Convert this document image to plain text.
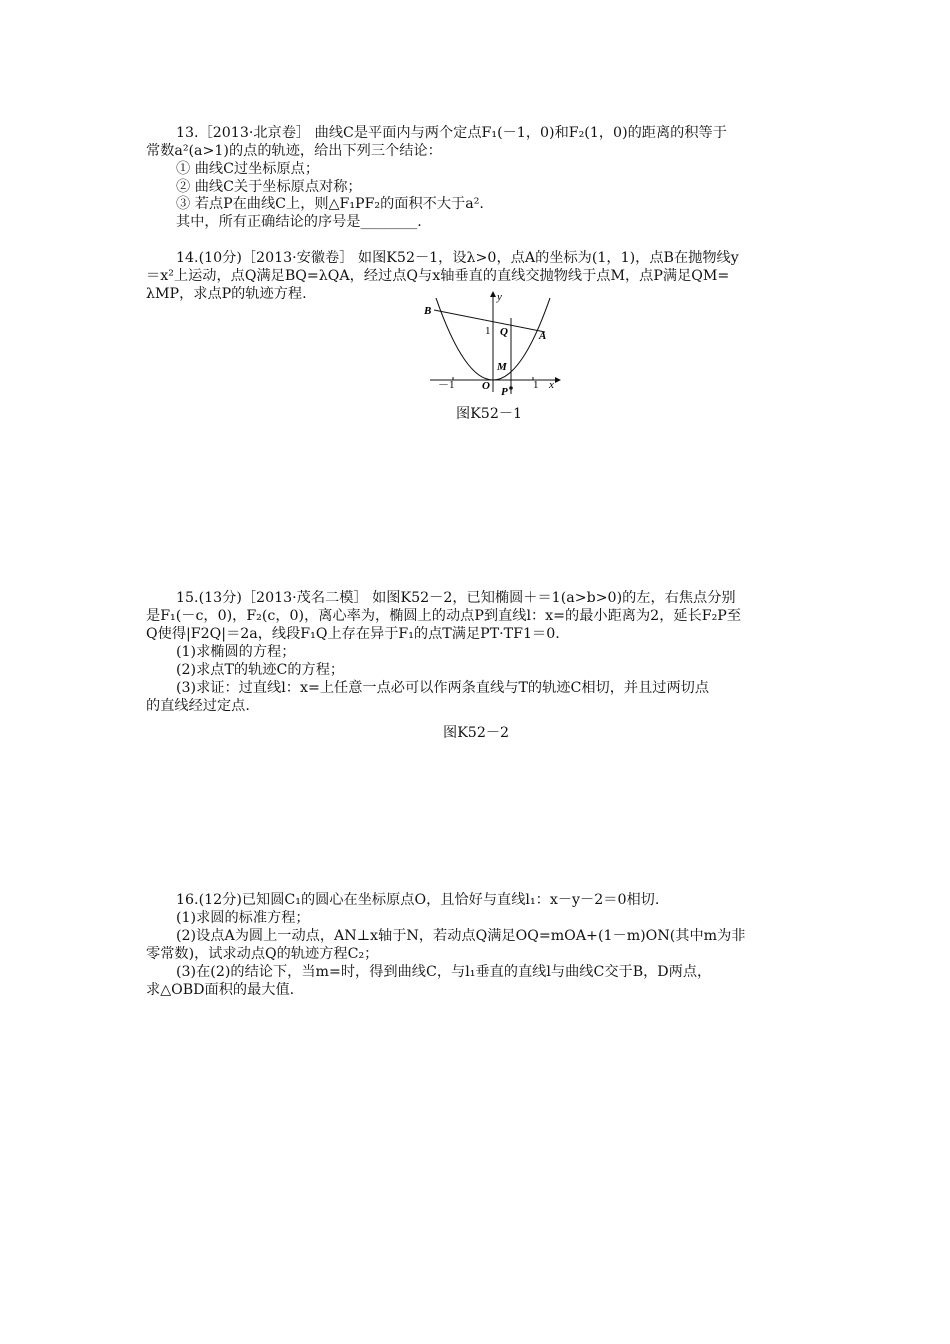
13.［2013·北京卷］ 曲线C是平面内与两个定点F₁(－1，0)和F₂(1，0)的距离的积等于
常数a²(a>1)的点的轨迹，给出下列三个结论：
① 曲线C过坐标原点；
② 曲线C关于坐标原点对称；
③ 若点P在曲线C上，则△F₁PF₂的面积不大于a².
其中，所有正确结论的序号是________.
14.(10分)［2013·安徽卷］ 如图K52－1，设λ>0，点A的坐标为(1，1)，点B在抛物线y
＝x²上运动，点Q满足BQ=λQA，经过点Q与x轴垂直的直线交抛物线于点M，点P满足QM=
λMP，求点P的轨迹方程.
B
y
1 Q	A
M
－1	O P
1 x
图K52－1
15.(13分)［2013·茂名二模］ 如图K52－2，已知椭圆＋＝1(a>b>0)的左，右焦点分别
是F₁(－c，0)，F₂(c，0)，离心率为，椭圆上的动点P到直线l：x=的最小距离为2，延长F₂P至
Q使得|F2Q|＝2a，线段F₁Q上存在异于F₁的点T满足PT·TF1＝0.
(1)求椭圆的方程；
(2)求点T的轨迹C的方程；
(3)求证：过直线l：x=上任意一点必可以作两条直线与T的轨迹C相切，并且过两切点
的直线经过定点.
图K52－2
16.(12分)已知圆C₁的圆心在坐标原点O，且恰好与直线l₁：x－y－2＝0相切.
(1)求圆的标准方程；
(2)设点A为圆上一动点，AN⊥x轴于N，若动点Q满足OQ=mOA+(1－m)ON(其中m为非
零常数)，试求动点Q的轨迹方程C₂；
(3)在(2)的结论下，当m=时，得到曲线C，与l₁垂直的直线l与曲线C交于B，D两点，
求△OBD面积的最大值.
